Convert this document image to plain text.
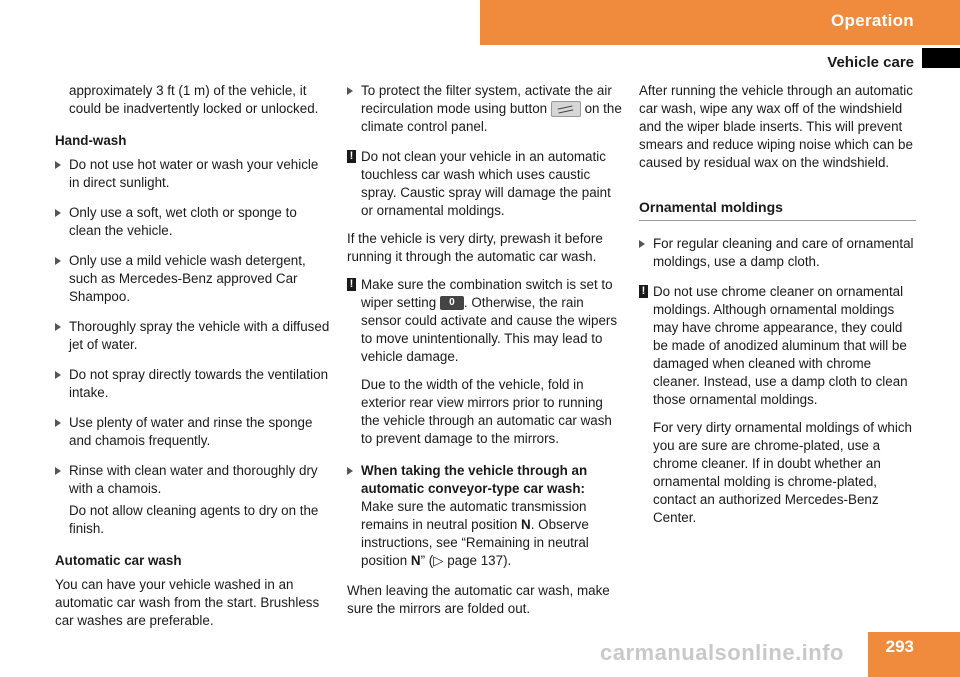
Operation
Vehicle care

approximately 3 ft (1 m) of the vehicle, it could be inadvertently locked or unlocked.

Hand-wash
Do not use hot water or wash your vehicle in direct sunlight.
Only use a soft, wet cloth or sponge to clean the vehicle.
Only use a mild vehicle wash detergent, such as Mercedes-Benz approved Car Shampoo.
Thoroughly spray the vehicle with a diffused jet of water.
Do not spray directly towards the ventilation intake.
Use plenty of water and rinse the sponge and chamois frequently.
Rinse with clean water and thoroughly dry with a chamois.

Do not allow cleaning agents to dry on the finish.

Automatic car wash

You can have your vehicle washed in an automatic car wash from the start. Brushless car washes are preferable.

To protect the filter system, activate the air recirculation mode using button	on the climate control panel.
! Do not clean your vehicle in an automatic touchless car wash which uses caustic spray. Caustic spray will damage the paint or ornamental moldings.

If the vehicle is very dirty, prewash it before running it through the automatic car wash.

! Make sure the combination switch is set to wiper setting 0 . Otherwise, the rain sensor could activate and cause the wipers to move unintentionally. This may lead to vehicle damage.

Due to the width of the vehicle, fold in exterior rear view mirrors prior to running the vehicle through an automatic car wash to prevent damage to the mirrors.

When taking the vehicle through an automatic conveyor-type car wash:
Make sure the automatic transmission remains in neutral position N. Observe instructions, see “Remaining in neutral position N” (▷ page 137).

When leaving the automatic car wash, make sure the mirrors are folded out.

After running the vehicle through an automatic car wash, wipe any wax off of the windshield and the wiper blade inserts. This will prevent smears and reduce wiping noise which can be caused by residual wax on the windshield.

Ornamental moldings
For regular cleaning and care of ornamental moldings, use a damp cloth.
! Do not use chrome cleaner on ornamental moldings. Although ornamental moldings may have chrome appearance, they could be made of anodized aluminum that will be damaged when cleaned with chrome cleaner. Instead, use a damp cloth to clean those ornamental moldings.

For very dirty ornamental moldings of which you are sure are chrome-plated, use a chrome cleaner. If in doubt whether an ornamental molding is chrome-plated, contact an authorized Mercedes-Benz Center.

293
carmanualsonline.info
